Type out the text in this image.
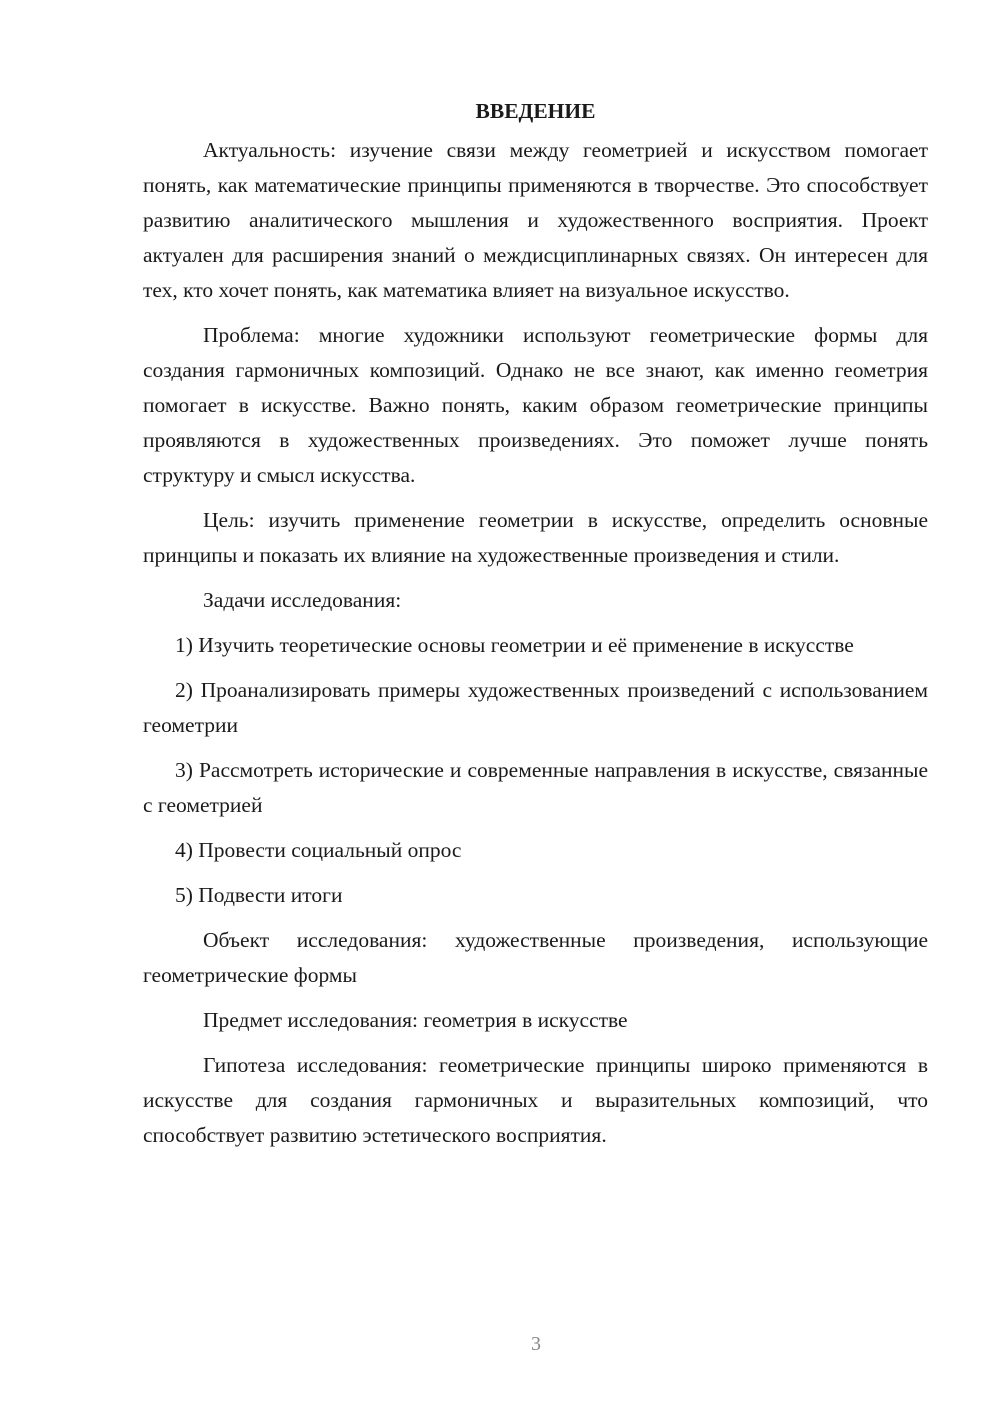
ВВЕДЕНИЕ

Актуальность: изучение связи между геометрией и искусством помогает понять, как математические принципы применяются в творчестве. Это способствует развитию аналитического мышления и художественного восприятия. Проект актуален для расширения знаний о междисциплинарных связях. Он интересен для тех, кто хочет понять, как математика влияет на визуальное искусство.

Проблема: многие художники используют геометрические формы для создания гармоничных композиций. Однако не все знают, как именно геометрия помогает в искусстве. Важно понять, каким образом геометрические принципы проявляются в художественных произведениях. Это поможет лучше понять структуру и смысл искусства.

Цель: изучить применение геометрии в искусстве, определить основные принципы и показать их влияние на художественные произведения и стили.

Задачи исследования:

1) Изучить теоретические основы геометрии и её применение в искусстве

2) Проанализировать примеры художественных произведений с использованием геометрии

3) Рассмотреть исторические и современные направления в искусстве, связанные с геометрией

4) Провести социальный опрос

5) Подвести итоги

Объект исследования: художественные произведения, использующие геометрические формы

Предмет исследования: геометрия в искусстве

Гипотеза исследования: геометрические принципы широко применяются в искусстве для создания гармоничных и выразительных композиций, что способствует развитию эстетического восприятия.

3
